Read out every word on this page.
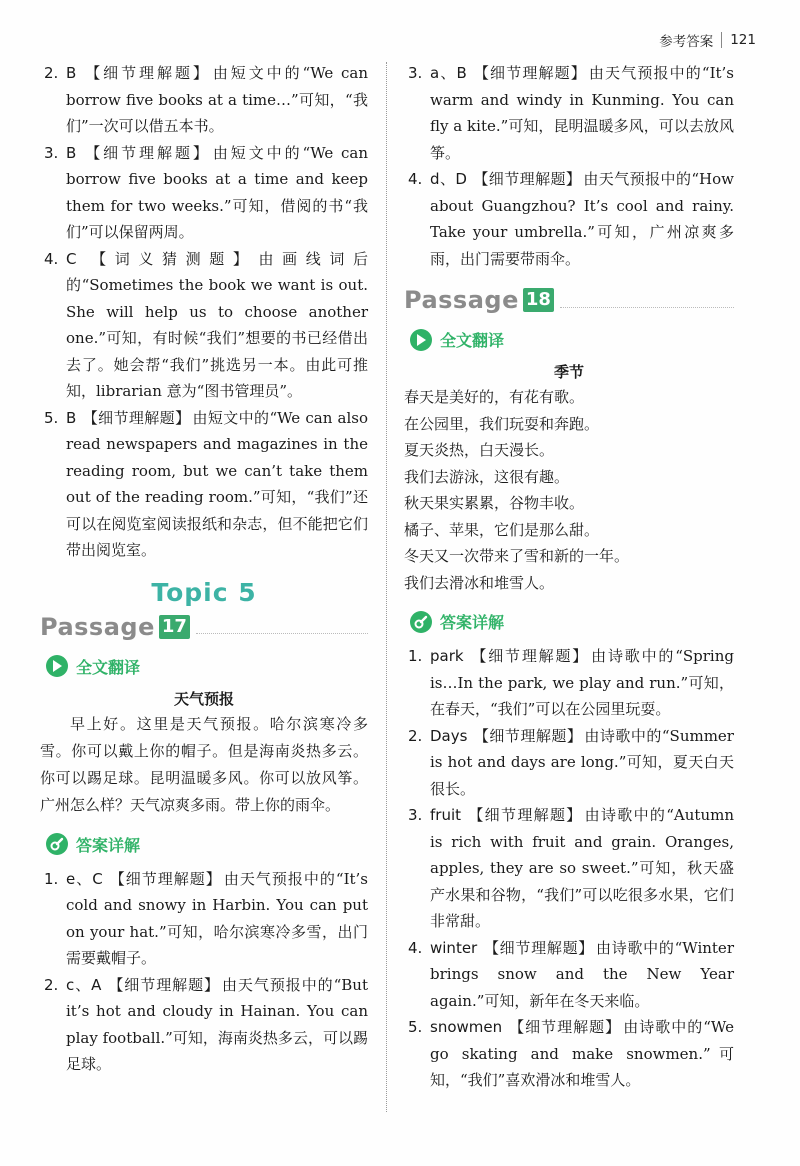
参考答案 121
2. B 【细节理解题】 由短文中的“We can borrow five books at a time…”可知，“我们”一次可以借五本书。
3. B 【细节理解题】 由短文中的“We can borrow five books at a time and keep them for two weeks.”可知，借阅的书“我们”可以保留两周。
4. C 【词义猜测题】 由画线词后的“Sometimes the book we want is out. She will help us to choose another one.”可知，有时候“我们”想要的书已经借出去了。她会帮“我们”挑选另一本。由此可推知，librarian 意为“图书管理员”。
5. B 【细节理解题】 由短文中的“We can also read newspapers and magazines in the reading room, but we can’t take them out of the reading room.”可知，“我们”还可以在阅览室阅读报纸和杂志，但不能把它们带出阅览室。
Topic 5
Passage 17
全文翻译
天气预报
早上好。这里是天气预报。哈尔滨寒冷多雪。你可以戴上你的帽子。但是海南炎热多云。你可以踢足球。昆明温暖多风。你可以放风筝。广州怎么样？天气凉爽多雨。带上你的雨伞。
答案详解
1. e、C 【细节理解题】 由天气预报中的“It’s cold and snowy in Harbin. You can put on your hat.”可知，哈尔滨寒冷多雪，出门需要戴帽子。
2. c、A 【细节理解题】 由天气预报中的“But it’s hot and cloudy in Hainan. You can play football.”可知，海南炎热多云，可以踢足球。
3. a、B 【细节理解题】 由天气预报中的“It’s warm and windy in Kunming. You can fly a kite.”可知，昆明温暖多风，可以去放风筝。
4. d、D 【细节理解题】 由天气预报中的“How about Guangzhou? It’s cool and rainy. Take your umbrella.”可知，广州凉爽多雨，出门需要带雨伞。
Passage 18
全文翻译
季节
春天是美好的，有花有歌。
在公园里，我们玩耍和奔跑。
夏天炎热，白天漫长。
我们去游泳，这很有趣。
秋天果实累累，谷物丰收。
橘子、苹果，它们是那么甜。
冬天又一次带来了雪和新的一年。
我们去滑冰和堆雪人。
答案详解
1. park 【细节理解题】 由诗歌中的“Spring is…In the park, we play and run.”可知，在春天，“我们”可以在公园里玩耍。
2. Days 【细节理解题】 由诗歌中的“Summer is hot and days are long.”可知，夏天白天很长。
3. fruit 【细节理解题】 由诗歌中的“Autumn is rich with fruit and grain. Oranges, apples, they are so sweet.”可知，秋天盛产水果和谷物，“我们”可以吃很多水果，它们非常甜。
4. winter 【细节理解题】 由诗歌中的“Winter brings snow and the New Year again.”可知，新年在冬天来临。
5. snowmen 【细节理解题】 由诗歌中的“We go skating and make snowmen.”可知，“我们”喜欢滑冰和堆雪人。
